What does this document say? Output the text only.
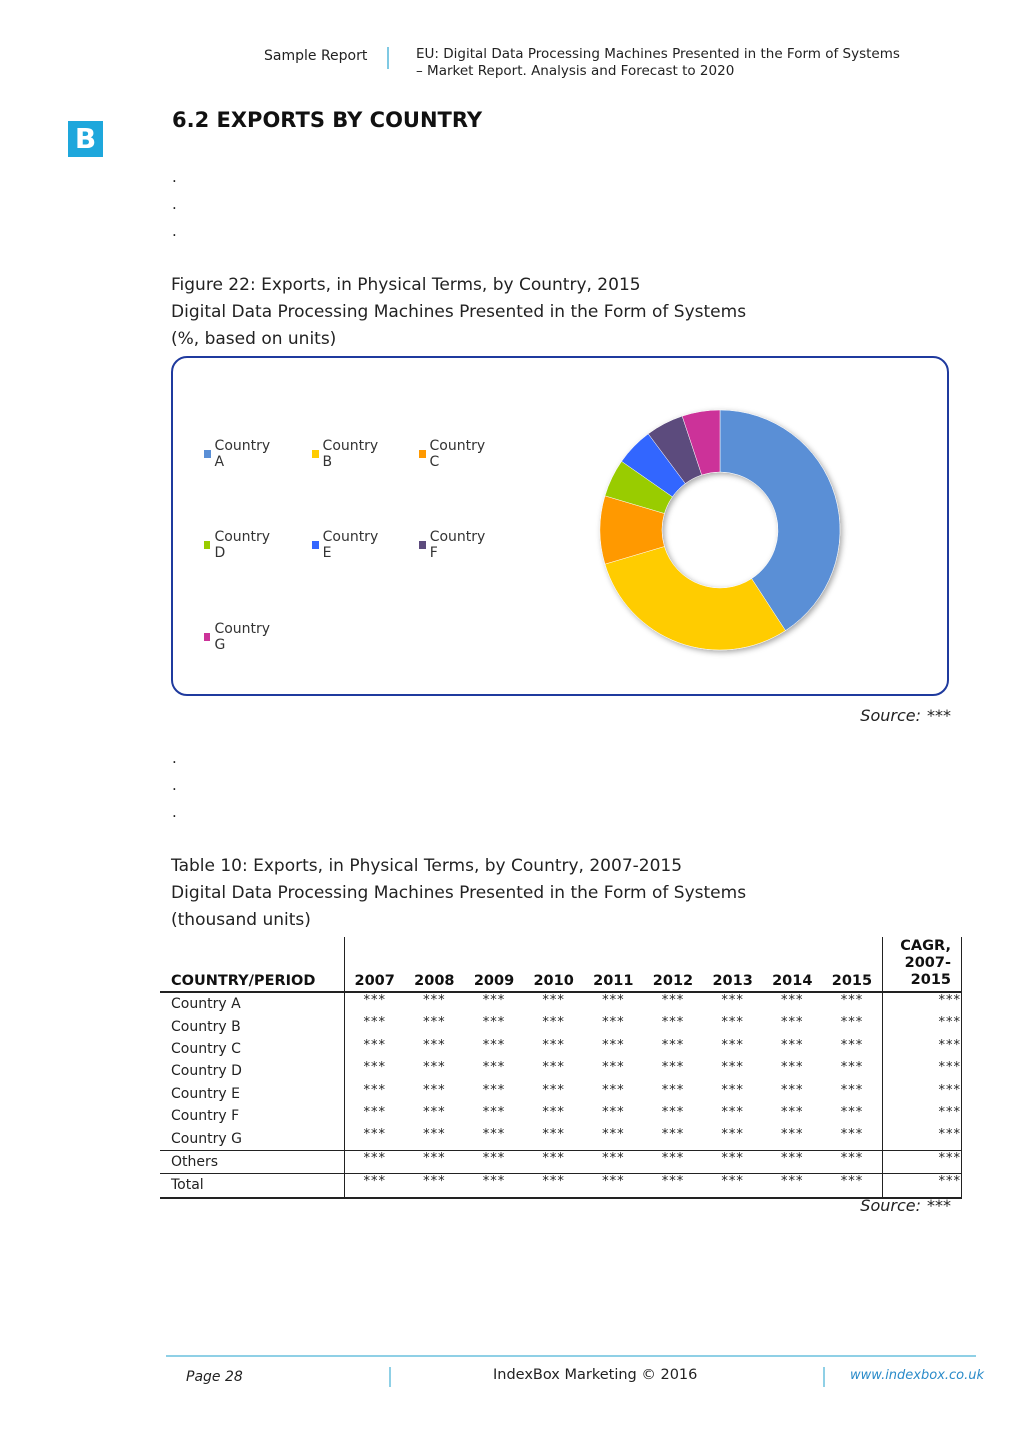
Sample Report	EU: Digital Data Processing Machines Presented in the Form of Systems
– Market Report. Analysis and Forecast to 2020
B
6.2 EXPORTS BY COUNTRY
.
.
.
Figure 22: Exports, in Physical Terms, by Country, 2015
Digital Data Processing Machines Presented in the Form of Systems
(%, based on units)
Country A
Country B
Country C
Country D
Country E
Country F
Country G
Source: ***
.
.
.
Table 10: Exports, in Physical Terms, by Country, 2007-2015
Digital Data Processing Machines Presented in the Form of Systems
(thousand units)
COUNTRY/PERIOD	2007	2008	2009	2010	2011	2012	2013	2014	2015	CAGR,
2007-
2015

Country A	***	***	***	***	***	***	***	***	***	***
Country B	***	***	***	***	***	***	***	***	***	***
Country C	***	***	***	***	***	***	***	***	***	***
Country D	***	***	***	***	***	***	***	***	***	***
Country E	***	***	***	***	***	***	***	***	***	***
Country F	***	***	***	***	***	***	***	***	***	***
Country G	***	***	***	***	***	***	***	***	***	***
Others	***	***	***	***	***	***	***	***	***	***
Total	***	***	***	***	***	***	***	***	***	***
Source: ***
Page 28	IndexBox Marketing © 2016	www.indexbox.co.uk
